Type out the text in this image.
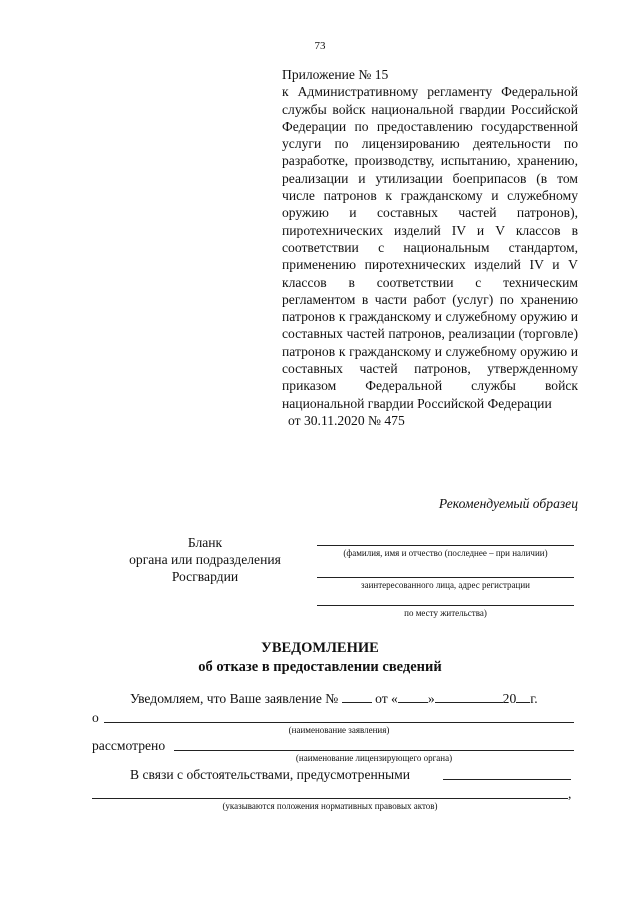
73
Приложение № 15
к Административному регламенту Федеральной службы войск национальной гвардии Российской Федерации по предоставлению государственной услуги по лицензированию деятельности по разработке, производству, испытанию, хранению, реализации и утилизации боеприпасов (в том числе патронов к гражданскому и служебному оружию и составных частей патронов), пиротехнических изделий IV и V классов в соответствии с национальным стандартом, применению пиротехнических изделий IV и V классов в соответствии с техническим регламентом в части работ (услуг) по хранению патронов к гражданскому и служебному оружию и составных частей патронов, реализации (торговле) патронов к гражданскому и служебному оружию и составных частей патронов, утвержденному приказом Федеральной службы войск национальной гвардии Российской Федерации
от 30.11.2020 № 475
Рекомендуемый образец
Бланк
органа или подразделения
Росгвардии
(фамилия, имя и отчество (последнее – при наличии)
заинтересованного лица, адрес регистрации
по месту жительства)
УВЕДОМЛЕНИЕ
об отказе в предоставлении сведений
Уведомляем, что Ваше заявление №	от « »	20 г.
о
(наименование заявления)
рассмотрено
(наименование лицензирующего органа)
В связи с обстоятельствами, предусмотренными
,
(указываются положения нормативных правовых актов)
